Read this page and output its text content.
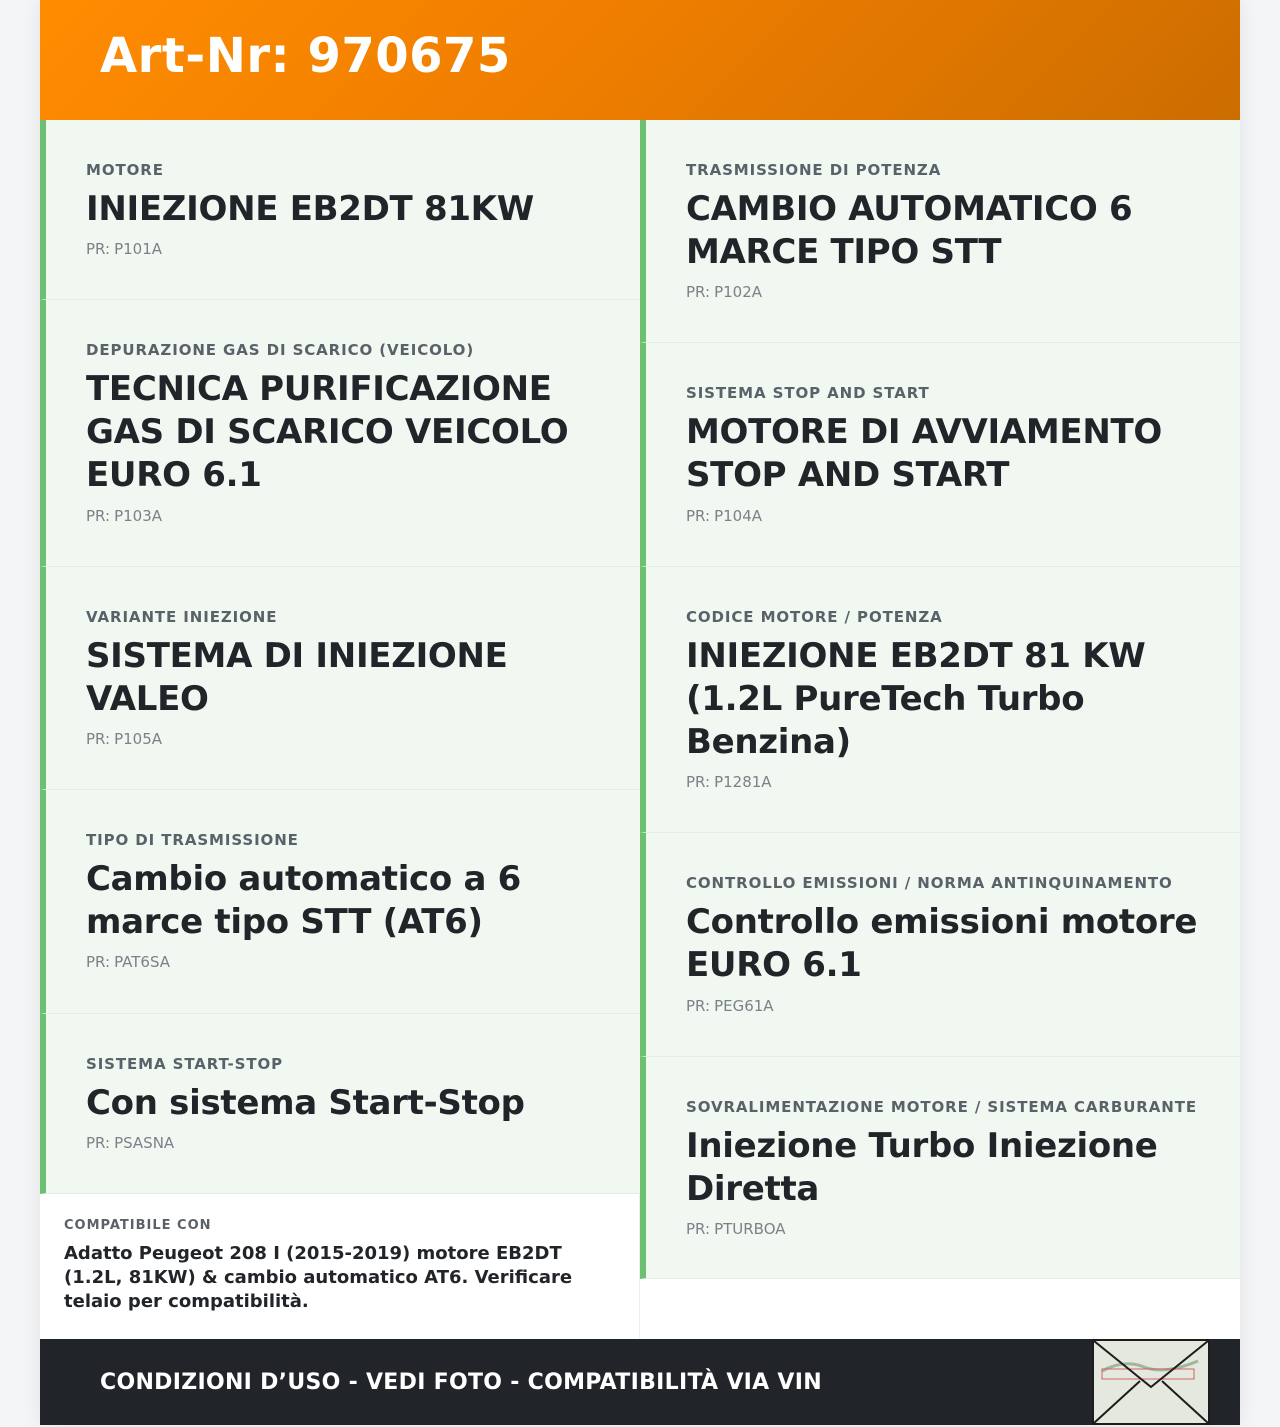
Art-Nr: 970675
MOTORE
INIEZIONE EB2DT 81KW
PR: P101A
DEPURAZIONE GAS DI SCARICO (VEICOLO)
TECNICA PURIFICAZIONE GAS DI SCARICO VEICOLO EURO 6.1
PR: P103A
VARIANTE INIEZIONE
SISTEMA DI INIEZIONE VALEO
PR: P105A
TIPO DI TRASMISSIONE
Cambio automatico a 6 marce tipo STT (AT6)
PR: PAT6SA
SISTEMA START-STOP
Con sistema Start-Stop
PR: PSASNA
TRASMISSIONE DI POTENZA
CAMBIO AUTOMATICO 6 MARCE TIPO STT
PR: P102A
SISTEMA STOP AND START
MOTORE DI AVVIAMENTO STOP AND START
PR: P104A
CODICE MOTORE / POTENZA
INIEZIONE EB2DT 81 KW (1.2L PureTech Turbo Benzina)
PR: P1281A
CONTROLLO EMISSIONI / NORMA ANTINQUINAMENTO
Controllo emissioni motore EURO 6.1
PR: PEG61A
SOVRALIMENTAZIONE MOTORE / SISTEMA CARBURANTE
Iniezione Turbo Iniezione Diretta
PR: PTURBOA
COMPATIBILE CON
Adatto Peugeot 208 I (2015-2019) motore EB2DT (1.2L, 81KW) & cambio automatico AT6. Verificare telaio per compatibilità.
CONDIZIONI D’USO - VEDI FOTO - COMPATIBILITÀ VIA VIN
